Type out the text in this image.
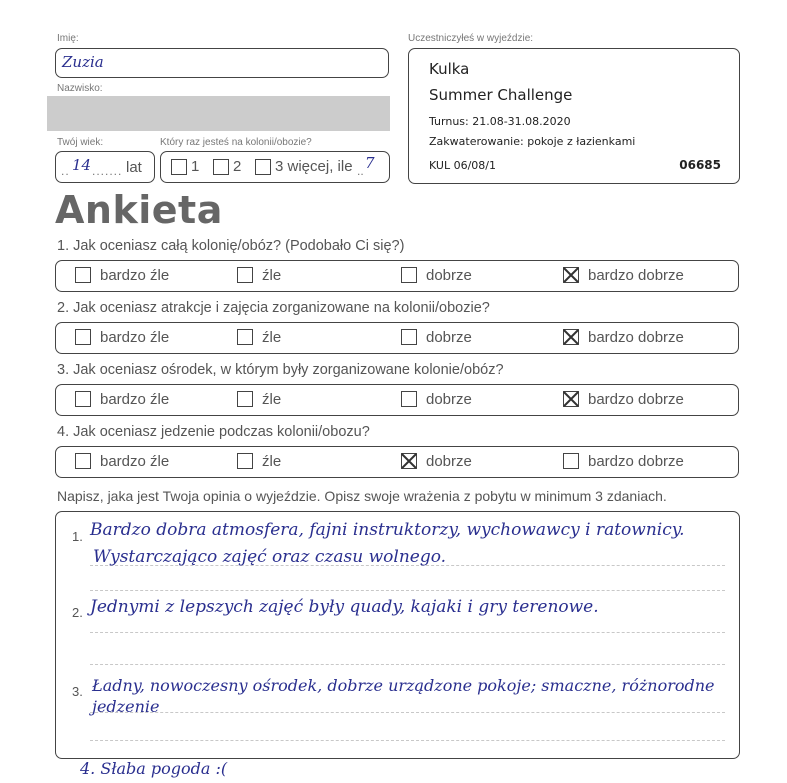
Imię:
Zuzia
Nazwisko:
Twój wiek:	Który raz jesteś na kolonii/obozie?
.. 14 ....... lat	1 2 3 więcej, ile .. 7
Uczestniczyłeś w wyjeździe:
Kulka
Summer Challenge
Turnus: 21.08-31.08.2020
Zakwaterowanie: pokoje z łazienkami
KUL 06/08/1	06685
Ankieta
1. Jak oceniasz całą kolonię/obóz? (Podobało Ci się?)
bardzo źle	źle	dobrze	bardzo dobrze
2. Jak oceniasz atrakcje i zajęcia zorganizowane na kolonii/obozie?
bardzo źle	źle	dobrze	bardzo dobrze
3. Jak oceniasz ośrodek, w którym były zorganizowane kolonie/obóz?
bardzo źle	źle	dobrze	bardzo dobrze
4. Jak oceniasz jedzenie podczas kolonii/obozu?
bardzo źle	źle	dobrze	bardzo dobrze
Napisz, jaka jest Twoja opinia o wyjeździe. Opisz swoje wrażenia z pobytu w minimum 3 zdaniach.
1. Bardzo dobra atmosfera, fajni instruktorzy, wychowawcy i ratownicy.
Wystarczająco zajęć oraz czasu wolnego.
2. Jednymi z lepszych zajęć były quady, kajaki i gry terenowe.
3. Ładny, nowoczesny ośrodek, dobrze urządzone pokoje; smaczne, różnorodne
jedzenie
4. Słaba pogoda :(
